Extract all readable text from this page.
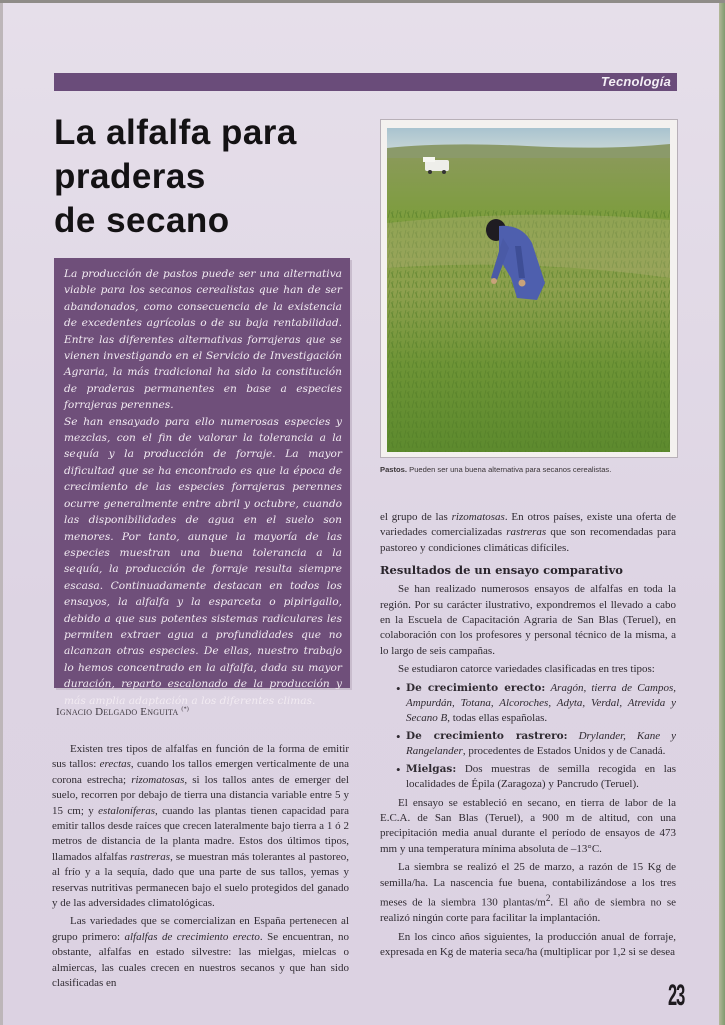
Tecnología
La alfalfa para
praderas
de secano

La producción de pastos puede ser una alternativa viable para los secanos cerealistas que han de ser abandonados, como consecuencia de la existencia de excedentes agrícolas o de su baja rentabilidad. Entre las diferentes alternativas forrajeras que se vienen investigando en el Servicio de Investigación Agraria, la más tradicional ha sido la constitución de praderas permanentes en base a especies forrajeras perennes.

Se han ensayado para ello numerosas especies y mezclas, con el fin de valorar la tolerancia a la sequía y la producción de forraje. La mayor dificultad que se ha encontrado es que la época de crecimiento de las especies forrajeras perennes ocurre generalmente entre abril y octubre, cuando las disponibilidades de agua en el suelo son menores. Por tanto, aunque la mayoría de las especies muestran una buena tolerancia a la sequía, la producción de forraje resulta siempre escasa. Continuadamente destacan en todos los ensayos, la alfalfa y la esparceta o pipirigallo, debido a que sus potentes sistemas radiculares les permiten extraer agua a profundidades que no alcanzan otras especies. De ellas, nuestro trabajo lo hemos concentrado en la alfalfa, dada su mayor duración, reparto escalonado de la producción y más amplia adaptación a los diferentes climas.

Pastos. Pueden ser una buena alternativa para secanos cerealistas.
Ignacio Delgado Enguita (*)

Existen tres tipos de alfalfas en función de la forma de emitir sus tallos: erectas, cuando los tallos emergen verticalmente de una corona estrecha; rizomatosas, si los tallos antes de emerger del suelo, recorren por debajo de tierra una distancia variable entre 5 y 15 cm; y estaloníferas, cuando las plantas tienen capacidad para emitir tallos desde raíces que crecen lateralmente bajo tierra a 1 ó 2 metros de distancia de la planta madre. Estos dos últimos tipos, llamados alfalfas rastreras, se muestran más tolerantes al pastoreo, al frío y a la sequía, dado que una parte de sus tallos, yemas y reservas nutritivas permanecen bajo el suelo protegidos del ganado y de las adversidades climatológicas.

Las variedades que se comercializan en España pertenecen al grupo primero: alfalfas de crecimiento erecto. Se encuentran, no obstante, alfalfas en estado silvestre: las mielgas, mielcas o almiercas, las cuales crecen en nuestros secanos y que han sido clasificadas en

el grupo de las rizomatosas. En otros países, existe una oferta de variedades comercializadas rastreras que son recomendadas para pastoreo y condiciones climáticas difíciles.

Resultados de un ensayo comparativo

Se han realizado numerosos ensayos de alfalfas en toda la región. Por su carácter ilustrativo, expondremos el llevado a cabo en la Escuela de Capacitación Agraria de San Blas (Teruel), en colaboración con los profesores y personal técnico de la misma, a lo largo de seis campañas.

Se estudiaron catorce variedades clasificadas en tres tipos:

• De crecimiento erecto: Aragón, tierra de Campos, Ampurdán, Totana, Alcoroches, Adyta, Verdal, Atrevida y Secano B, todas ellas españolas.
• De crecimiento rastrero: Drylander, Kane y Rangelander, procedentes de Estados Unidos y de Canadá.
• Mielgas: Dos muestras de semilla recogida en las localidades de Épila (Zaragoza) y Pancrudo (Teruel).

El ensayo se estableció en secano, en tierra de labor de la E.C.A. de San Blas (Teruel), a 900 m de altitud, con una precipitación media anual durante el período de ensayos de 473 mm y una temperatura mínima absoluta de –13°C.

La siembra se realizó el 25 de marzo, a razón de 15 Kg de semilla/ha. La nascencia fue buena, contabilizándose a los tres meses de la siembra 130 plantas/$m^2$. El año de siembra no se realizó ningún corte para facilitar la implantación.

En los cinco años siguientes, la producción anual de forraje, expresada en Kg de materia seca/ha (multiplicar por 1,2 si se desea

23
